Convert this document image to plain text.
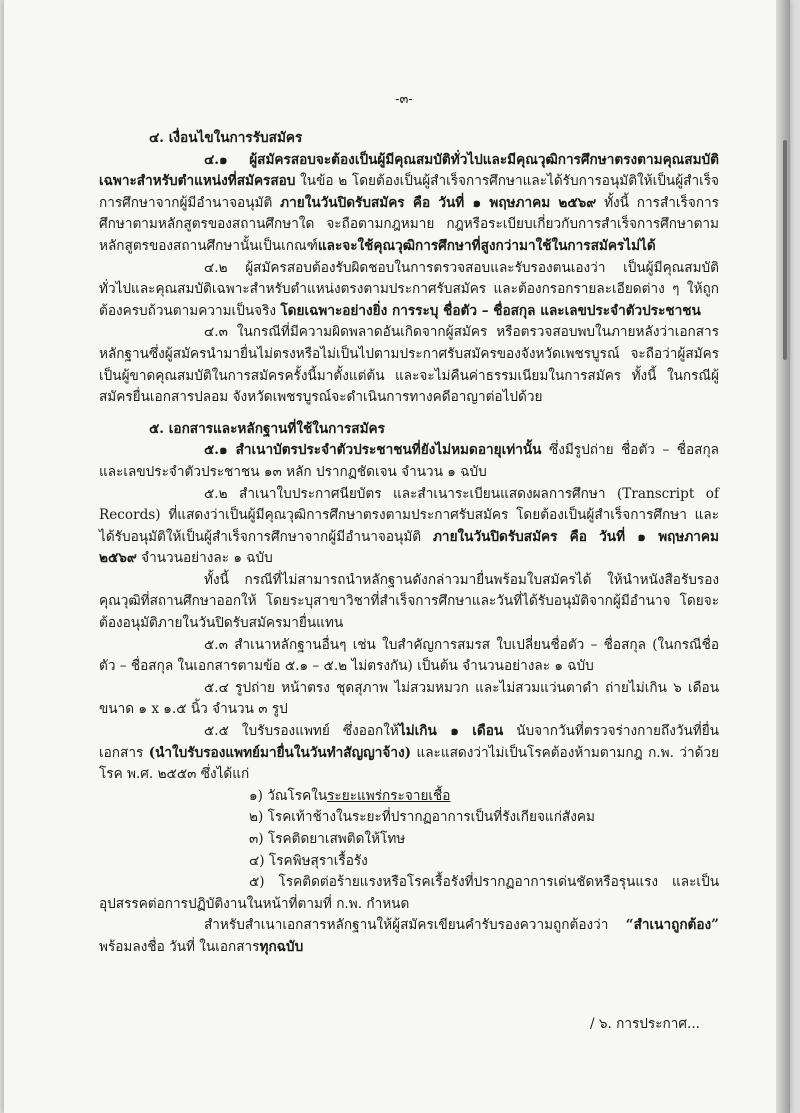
-๓-

๔. เงื่อนไขในการรับสมัคร

๔.๑ ผู้สมัครสอบจะต้องเป็นผู้มีคุณสมบัติทั่วไปและมีคุณวุฒิการศึกษาตรงตามคุณสมบัติ เฉพาะสำหรับตำแหน่งที่สมัครสอบ ในข้อ ๒ โดยต้องเป็นผู้สำเร็จการศึกษาและได้รับการอนุมัติให้เป็นผู้สำเร็จการศึกษาจากผู้มีอำนาจอนุมัติ ภายในวันปิดรับสมัคร คือ วันที่ ๑ พฤษภาคม ๒๕๖๙ ทั้งนี้ การสำเร็จการศึกษาตามหลักสูตรของสถานศึกษาใด จะถือตามกฎหมาย กฎหรือระเบียบเกี่ยวกับการสำเร็จการศึกษาตามหลักสูตรของสถานศึกษานั้นเป็นเกณฑ์และจะใช้คุณวุฒิการศึกษาที่สูงกว่ามาใช้ในการสมัครไม่ได้

๔.๒ ผู้สมัครสอบต้องรับผิดชอบในการตรวจสอบและรับรองตนเองว่า เป็นผู้มีคุณสมบัติทั่วไปและคุณสมบัติเฉพาะสำหรับตำแหน่งตรงตามประกาศรับสมัคร และต้องกรอกรายละเอียดต่าง ๆ ให้ถูกต้องครบถ้วนตามความเป็นจริง โดยเฉพาะอย่างยิ่ง การระบุ ชื่อตัว – ชื่อสกุล และเลขประจำตัวประชาชน

๔.๓ ในกรณีที่มีความผิดพลาดอันเกิดจากผู้สมัคร หรือตรวจสอบพบในภายหลังว่าเอกสารหลักฐานซึ่งผู้สมัครนำมายื่นไม่ตรงหรือไม่เป็นไปตามประกาศรับสมัครของจังหวัดเพชรบูรณ์ จะถือว่าผู้สมัครเป็นผู้ขาดคุณสมบัติในการสมัครครั้งนี้มาตั้งแต่ต้น และจะไม่คืนค่าธรรมเนียมในการสมัคร ทั้งนี้ ในกรณีผู้สมัครยื่นเอกสารปลอม จังหวัดเพชรบูรณ์จะดำเนินการทางคดีอาญาต่อไปด้วย

๕. เอกสารและหลักฐานที่ใช้ในการสมัคร

๕.๑ สำเนาบัตรประจำตัวประชาชนที่ยังไม่หมดอายุเท่านั้น ซึ่งมีรูปถ่าย ชื่อตัว – ชื่อสกุล และเลขประจำตัวประชาชน ๑๓ หลัก ปรากฏชัดเจน จำนวน ๑ ฉบับ

๕.๒ สำเนาใบประกาศนียบัตร และสำเนาระเบียนแสดงผลการศึกษา (Transcript of Records) ที่แสดงว่าเป็นผู้มีคุณวุฒิการศึกษาตรงตามประกาศรับสมัคร โดยต้องเป็นผู้สำเร็จการศึกษา และได้รับอนุมัติให้เป็นผู้สำเร็จการศึกษาจากผู้มีอำนาจอนุมัติ ภายในวันปิดรับสมัคร คือ วันที่ ๑ พฤษภาคม ๒๕๖๙ จำนวนอย่างละ ๑ ฉบับ

ทั้งนี้ กรณีที่ไม่สามารถนำหลักฐานดังกล่าวมายื่นพร้อมใบสมัครได้ ให้นำหนังสือรับรองคุณวุฒิที่สถานศึกษาออกให้ โดยระบุสาขาวิชาที่สำเร็จการศึกษาและวันที่ได้รับอนุมัติจากผู้มีอำนาจ โดยจะต้องอนุมัติภายในวันปิดรับสมัครมายื่นแทน

๕.๓ สำเนาหลักฐานอื่นๆ เช่น ใบสำคัญการสมรส ใบเปลี่ยนชื่อตัว – ชื่อสกุล (ในกรณีชื่อตัว – ชื่อสกุล ในเอกสารตามข้อ ๕.๑ – ๕.๒ ไม่ตรงกัน) เป็นต้น จำนวนอย่างละ ๑ ฉบับ

๕.๔ รูปถ่าย หน้าตรง ชุดสุภาพ ไม่สวมหมวก และไม่สวมแว่นตาดำ ถ่ายไม่เกิน ๖ เดือน ขนาด ๑ x ๑.๕ นิ้ว จำนวน ๓ รูป

๕.๕ ใบรับรองแพทย์ ซึ่งออกให้ไม่เกิน ๑ เดือน นับจากวันที่ตรวจร่างกายถึงวันที่ยื่นเอกสาร (นำใบรับรองแพทย์มายื่นในวันทำสัญญาจ้าง) และแสดงว่าไม่เป็นโรคต้องห้ามตามกฎ ก.พ. ว่าด้วยโรค พ.ศ. ๒๕๕๓ ซึ่งได้แก่

๑) วัณโรคในระยะแพร่กระจายเชื้อ

๒) โรคเท้าช้างในระยะที่ปรากฏอาการเป็นที่รังเกียจแก่สังคม

๓) โรคติดยาเสพติดให้โทษ

๔) โรคพิษสุราเรื้อรัง

๕) โรคติดต่อร้ายแรงหรือโรคเรื้อรังที่ปรากฏอาการเด่นชัดหรือรุนแรง และเป็นอุปสรรคต่อการปฏิบัติงานในหน้าที่ตามที่ ก.พ. กำหนด

สำหรับสำเนาเอกสารหลักฐานให้ผู้สมัครเขียนคำรับรองความถูกต้องว่า “สำเนาถูกต้อง” พร้อมลงชื่อ วันที่ ในเอกสารทุกฉบับ

/ ๖. การประกาศ...
